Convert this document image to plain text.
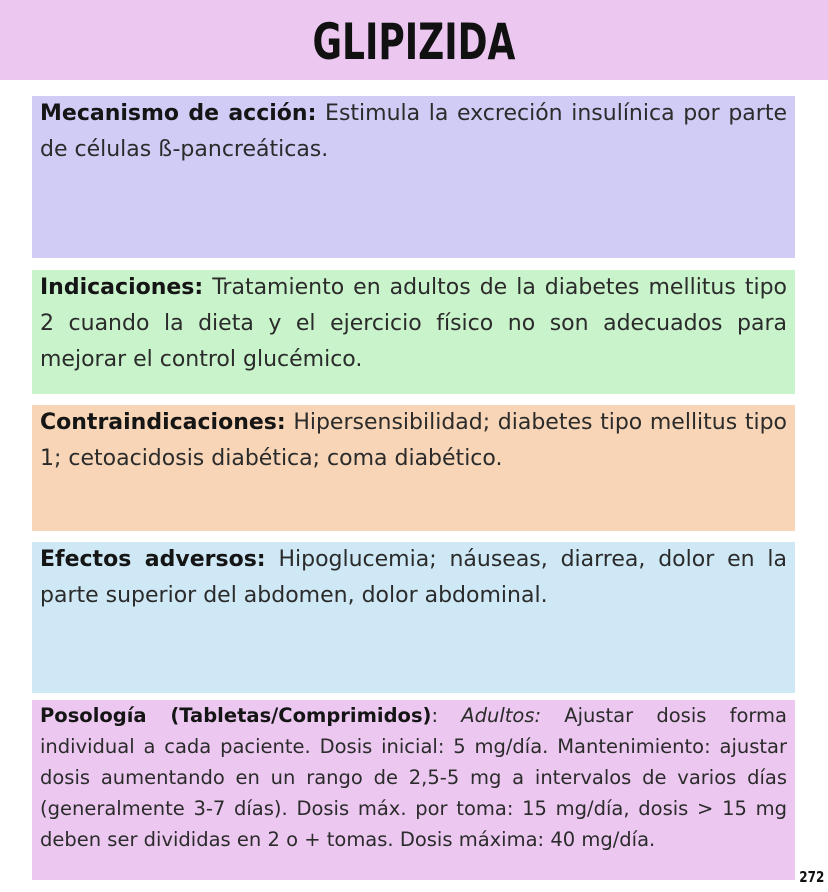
GLIPIZIDA

Mecanismo de acción: Estimula la excreción insulínica por parte de células ß-pancreáticas.

Indicaciones: Tratamiento en adultos de la diabetes mellitus tipo 2 cuando la dieta y el ejercicio físico no son adecuados para mejorar el control glucémico.

Contraindicaciones: Hipersensibilidad; diabetes tipo mellitus tipo 1; cetoacidosis diabética; coma diabético.

Efectos adversos: Hipoglucemia; náuseas, diarrea, dolor en la parte superior del abdomen, dolor abdominal.

Posología (Tabletas/Comprimidos): Adultos: Ajustar dosis forma individual a cada paciente. Dosis inicial: 5 mg/día. Mantenimiento: ajustar dosis aumentando en un rango de 2,5-5 mg a intervalos de varios días (generalmente 3-7 días). Dosis máx. por toma: 15 mg/día, dosis > 15 mg deben ser divididas en 2 o + tomas. Dosis máxima: 40 mg/día.

272
